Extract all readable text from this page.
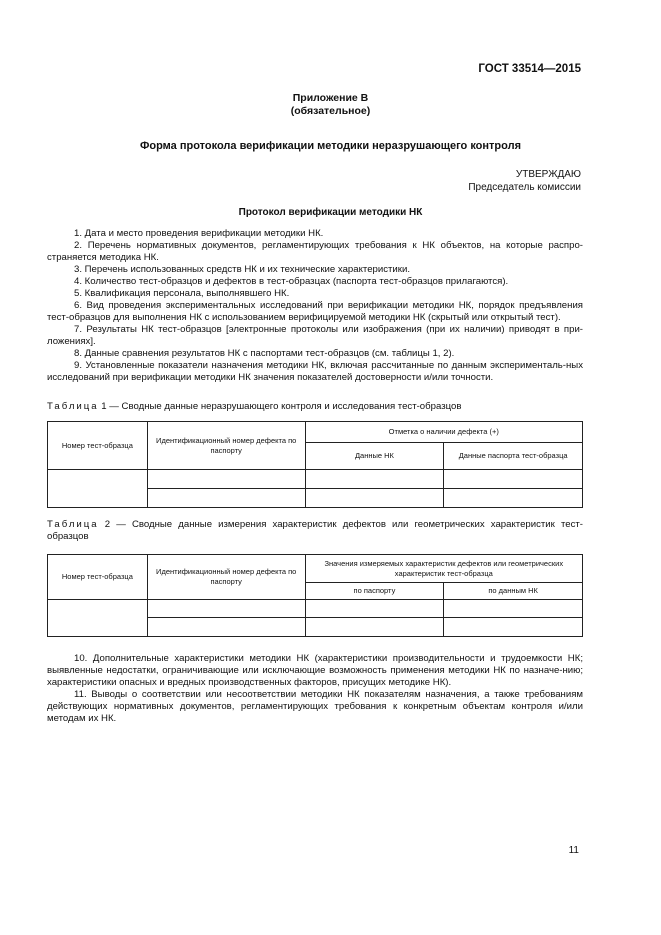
ГОСТ 33514—2015
Приложение В
(обязательное)
Форма протокола верификации методики неразрушающего контроля
УТВЕРЖДАЮ
Председатель комиссии
Протокол верификации методики НК

1. Дата и место проведения верификации методики НК.

2. Перечень нормативных документов, регламентирующих требования к НК объектов, на которые распро-страняется методика НК.

3. Перечень использованных средств НК и их технические характеристики.

4. Количество тест-образцов и дефектов в тест-образцах (паспорта тест-образцов прилагаются).

5. Квалификация персонала, выполнявшего НК.

6. Вид проведения экспериментальных исследований при верификации методики НК, порядок предъявления тест-образцов для выполнения НК с использованием верифицируемой методики НК (скрытый или открытый тест).

7. Результаты НК тест-образцов [электронные протоколы или изображения (при их наличии) приводят в при-ложениях].

8. Данные сравнения результатов НК с паспортами тест-образцов (см. таблицы 1, 2).

9. Установленные показатели назначения методики НК, включая рассчитанные по данным эксперименталь-ных исследований при верификации методики НК значения показателей достоверности и/или точности.

Таблица 1 — Сводные данные неразрушающего контроля и исследования тест-образцов
Номер тест-образца	Идентификационный номер дефекта по паспорту	Отметка о наличии дефекта (+)	
		Данные НК	Данные паспорта тест-образца

Таблица 2 — Сводные данные измерения характеристик дефектов или геометрических характеристик тест-образцов
Номер тест-образца	Идентификационный номер дефекта по паспорту	Значения измеряемых характеристик дефектов или геометрических характеристик тест-образца	
		по паспорту	по данным НК

10. Дополнительные характеристики методики НК (характеристики производительности и трудоемкости НК; выявленные недостатки, ограничивающие или исключающие возможность применения методики НК по назначе-нию; характеристики опасных и вредных производственных факторов, присущих методике НК).

11. Выводы о соответствии или несоответствии методики НК показателям назначения, а также требованиям действующих нормативных документов, регламентирующих требования к конкретным объектам контроля и/или методам их НК.

11
